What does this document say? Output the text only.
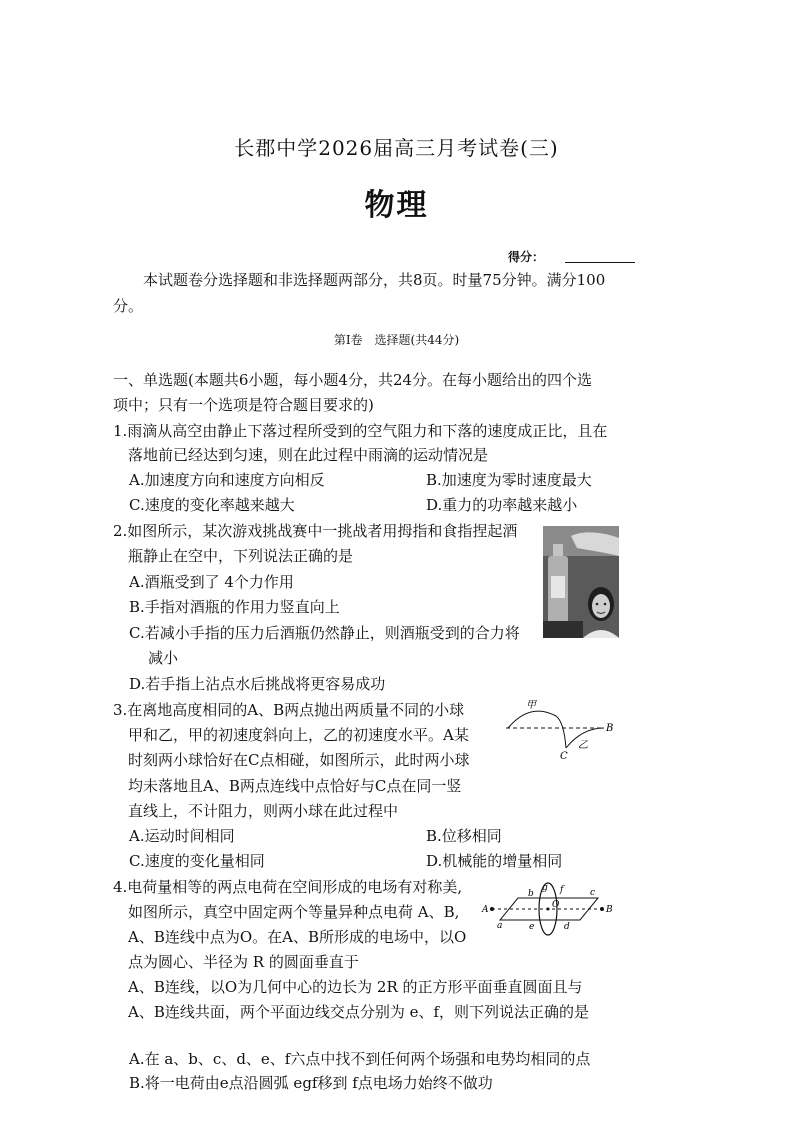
长郡中学2026届高三月考试卷(三)
物理
得分：
本试题卷分选择题和非选择题两部分，共8页。时量75分钟。满分100
分。
第Ⅰ卷　选择题(共44分)
一、单选题(本题共6小题，每小题4分，共24分。在每小题给出的四个选
项中；只有一个选项是符合题目要求的)
1.雨滴从高空由静止下落过程所受到的空气阻力和下落的速度成正比，且在
落地前已经达到匀速，则在此过程中雨滴的运动情况是
A.加速度方向和速度方向相反	B.加速度为零时速度最大
C.速度的变化率越来越大	D.重力的功率越来越小
2.如图所示，某次游戏挑战赛中一挑战者用拇指和食指捏起酒
瓶静止在空中，下列说法正确的是
A.酒瓶受到了 4个力作用
B.手指对酒瓶的作用力竖直向上
C.若减小手指的压力后酒瓶仍然静止，则酒瓶受到的合力将
减小
D.若手指上沾点水后挑战将更容易成功
3.在离地高度相同的A、B两点抛出两质量不同的小球
甲和乙，甲的初速度斜向上，乙的初速度水平。A某
时刻两小球恰好在C点相碰，如图所示，此时两小球
均未落地且A、B两点连线中点恰好与C点在同一竖
直线上，不计阻力，则两小球在此过程中
A.运动时间相同	B.位移相同
C.速度的变化量相同	D.机械能的增量相同
甲
B
C
乙
4.电荷量相等的两点电荷在空间形成的电场有对称美,
如图所示，真空中固定两个等量异种点电荷 A、B,
A、B连线中点为O。在A、B所形成的电场中，以O
点为圆心、半径为 R 的圆面垂直于
A、B连线，以O为几何中心的边长为 2R 的正方形平面垂直圆面且与
A、B连线共面，两个平面边线交点分别为 e、f，则下列说法正确的是
A.在 a、b、c、d、e、f六点中找不到任何两个场强和电势均相同的点
B.将一电荷由e点沿圆弧 egf移到 f点电场力始终不做功
A	B
O
b
g f	c
a	e	d
